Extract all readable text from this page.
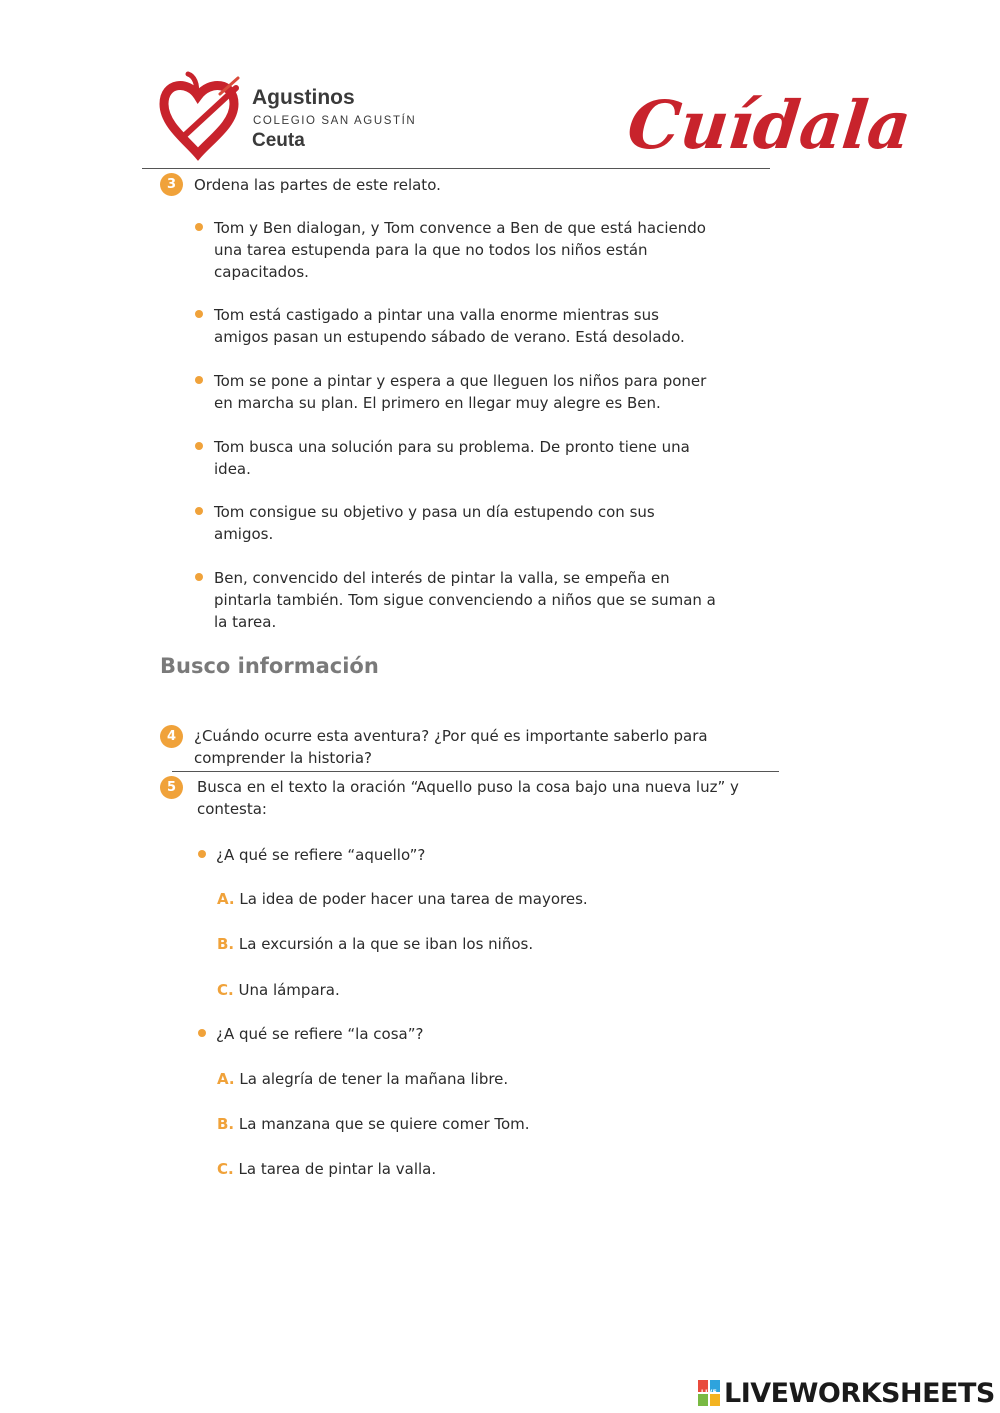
Agustinos
COLEGIO SAN AGUSTÍN
Ceuta	Cuídala
3	Ordena las partes de este relato.
Tom y Ben dialogan, y Tom convence a Ben de que está haciendo una tarea estupenda para la que no todos los niños están capacitados.
Tom está castigado a pintar una valla enorme mientras sus amigos pasan un estupendo sábado de verano. Está desolado.
Tom se pone a pintar y espera a que lleguen los niños para poner en marcha su plan. El primero en llegar muy alegre es Ben.
Tom busca una solución para su problema. De pronto tiene una idea.
Tom consigue su objetivo y pasa un día estupendo con sus amigos.
Ben, convencido del interés de pintar la valla, se empeña en pintarla también. Tom sigue convenciendo a niños que se suman a la tarea.
Busco información
4	¿Cuándo ocurre esta aventura? ¿Por qué es importante saberlo para comprender la historia?
5	Busca en el texto la oración “Aquello puso la cosa bajo una nueva luz” y contesta:
¿A qué se refiere “aquello”?
A. La idea de poder hacer una tarea de mayores.
B. La excursión a la que se iban los niños.
C. Una lámpara.
¿A qué se refiere “la cosa”?
A. La alegría de tener la mañana libre.
B. La manzana que se quiere comer Tom.
C. La tarea de pintar la valla.
LIVE LIVEWORKSHEETS
